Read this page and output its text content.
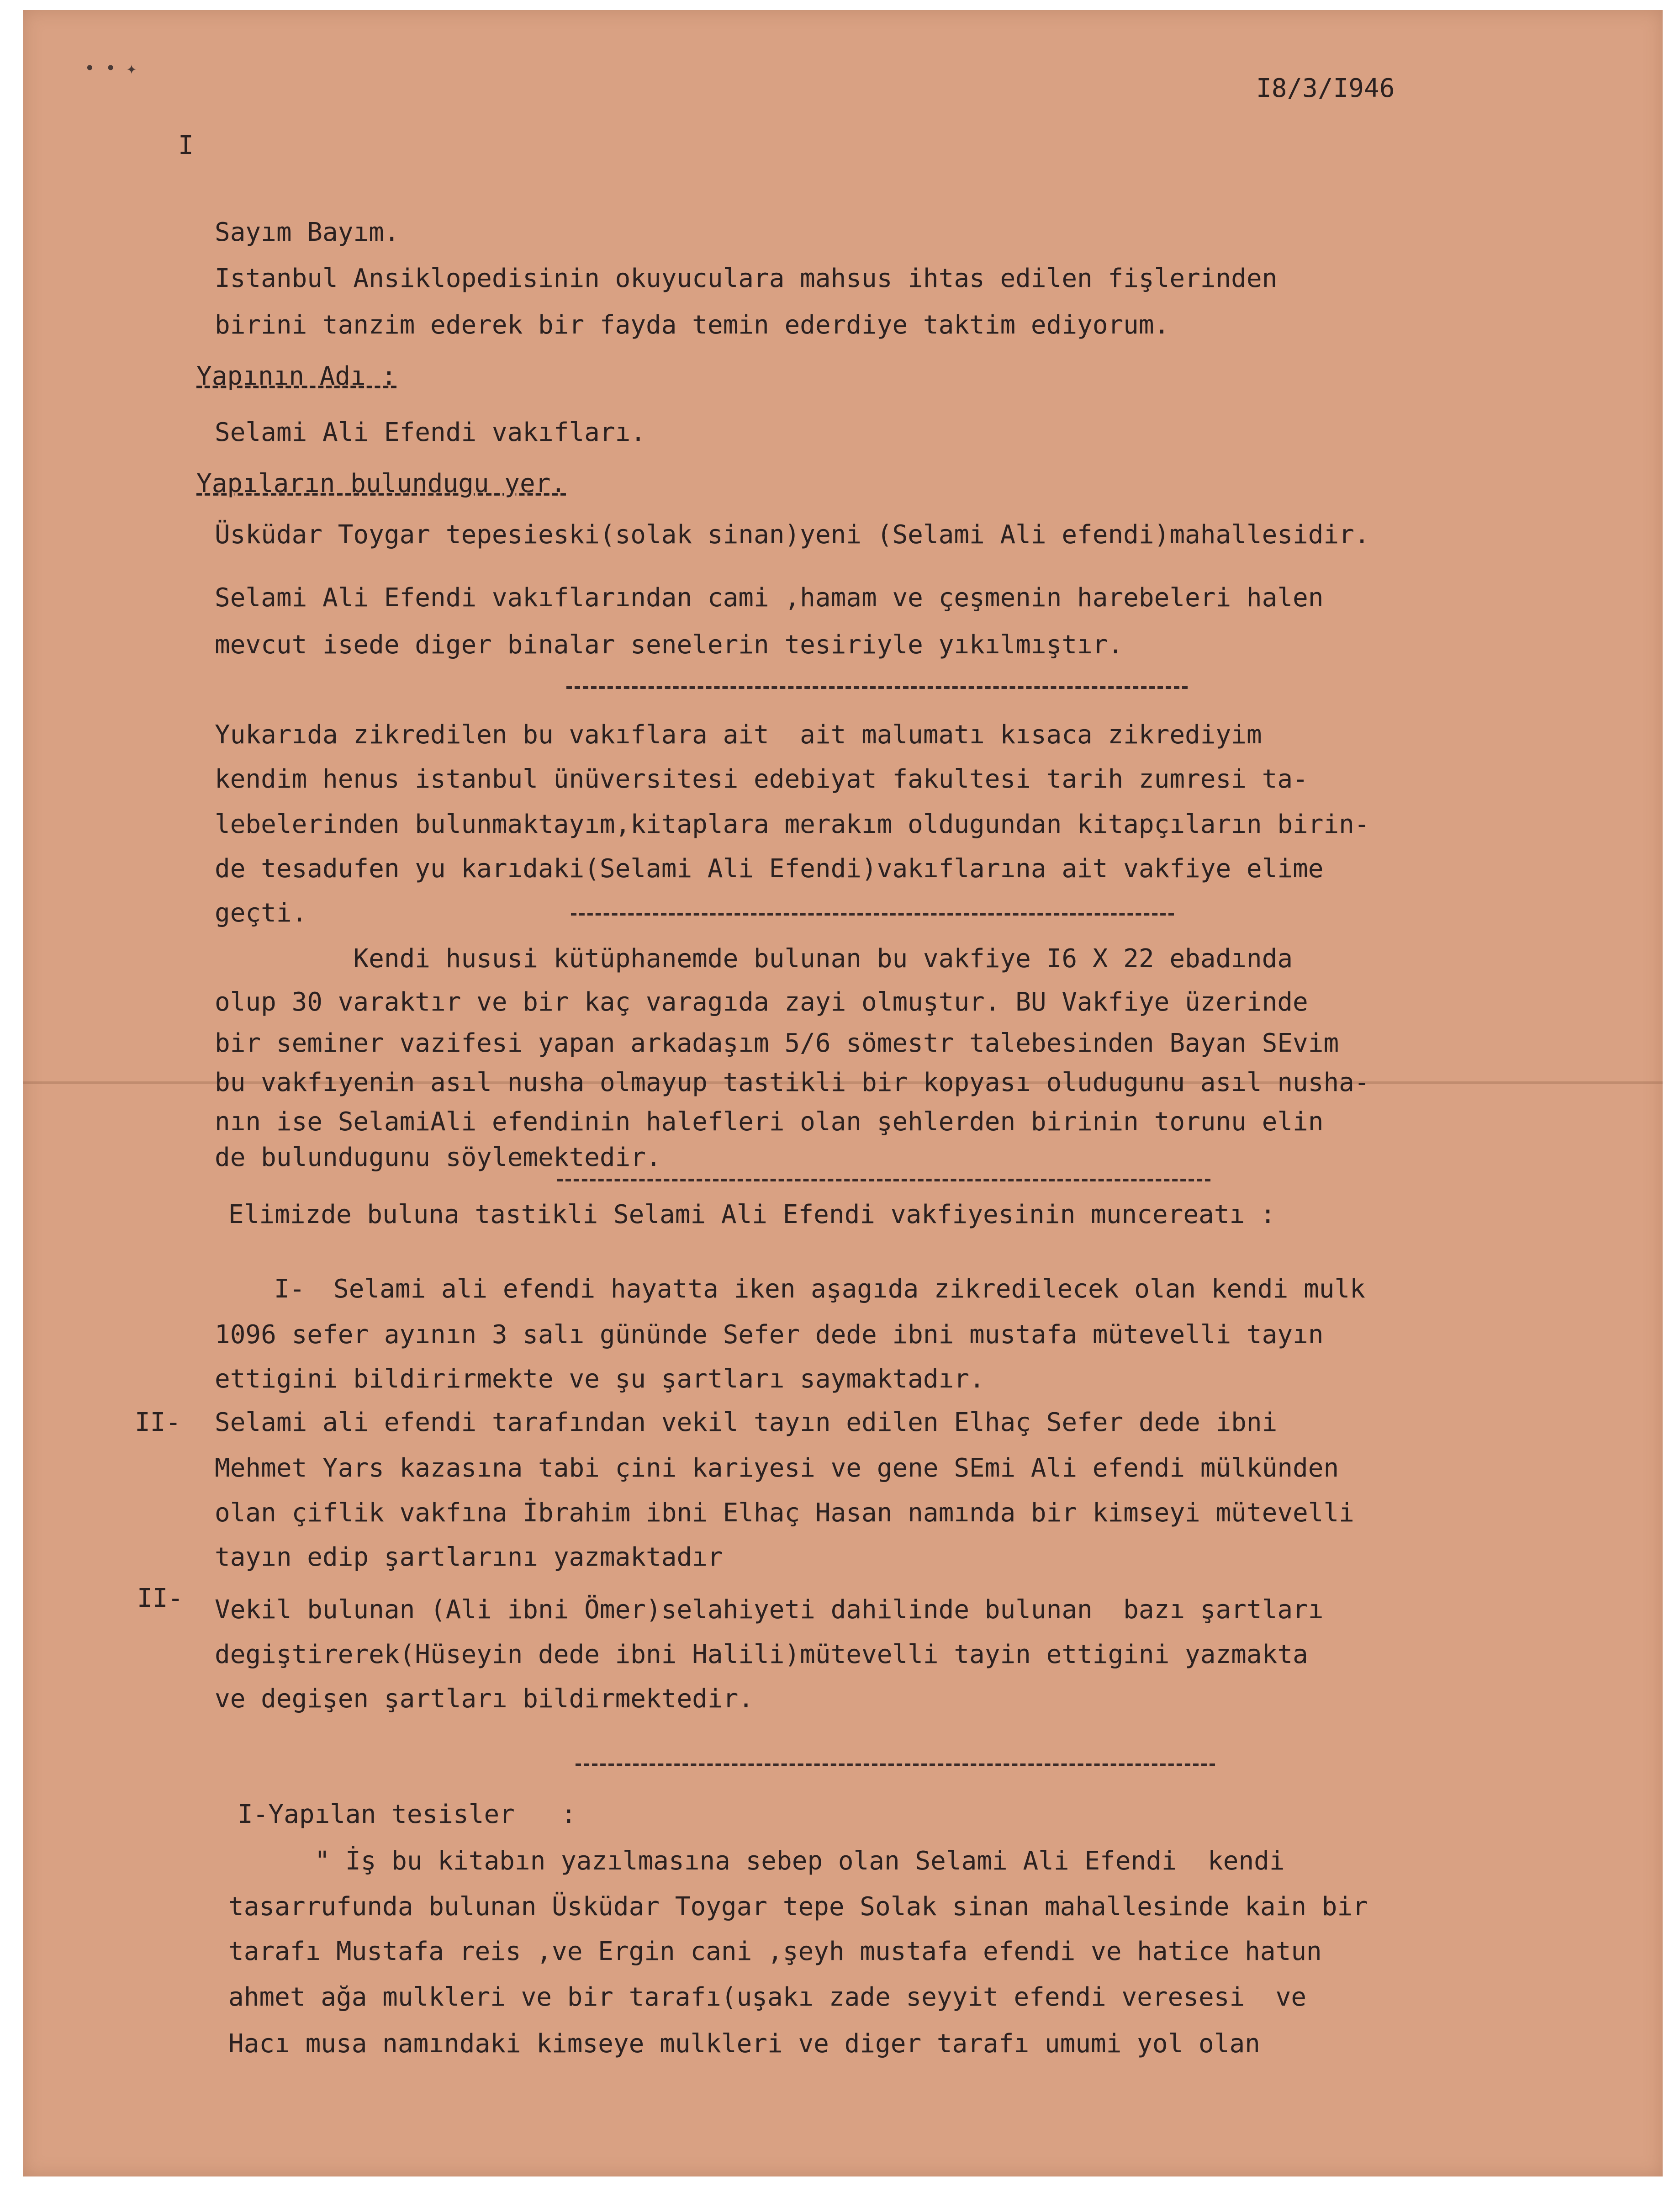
• • ✦

I8/3/I946

I

Sayım Bayım.

Istanbul Ansiklopedisinin okuyuculara mahsus ihtas edilen fişlerinden

birini tanzim ederek bir fayda temin ederdiye taktim ediyorum.

Yapının Adı :

Selami Ali Efendi vakıfları.

Yapıların bulundugu yer.

Üsküdar Toygar tepesieski(solak sinan)yeni (Selami Ali efendi)mahallesidir.

Selami Ali Efendi vakıflarından cami ,hamam ve çeşmenin harebeleri halen

mevcut isede diger binalar senelerin tesiriyle yıkılmıştır.

Yukarıda zikredilen bu vakıflara ait  ait malumatı kısaca zikrediyim

kendim henus istanbul ünüversitesi edebiyat fakultesi tarih zumresi ta-

lebelerinden bulunmaktayım,kitaplara merakım oldugundan kitapçıların birin-

de tesadufen yu karıdaki(Selami Ali Efendi)vakıflarına ait vakfiye elime

geçti.

Kendi hususi kütüphanemde bulunan bu vakfiye I6 X 22 ebadında

olup 30 varaktır ve bir kaç varagıda zayi olmuştur. BU Vakfiye üzerinde

bir seminer vazifesi yapan arkadaşım 5/6 sömestr talebesinden Bayan SEvim

bu vakfıyenin asıl nusha olmayup tastikli bir kopyası oludugunu asıl nusha-

nın ise SelamiAli efendinin halefleri olan şehlerden birinin torunu elin

de bulundugunu söylemektedir.

Elimizde buluna tastikli Selami Ali Efendi vakfiyesinin muncereatı :

I- Selami ali efendi hayatta iken aşagıda zikredilecek olan kendi mulk

1096 sefer ayının 3 salı gününde Sefer dede ibni mustafa mütevelli tayın

ettigini bildirirmekte ve şu şartları saymaktadır.

II- Selami ali efendi tarafından vekil tayın edilen Elhaç Sefer dede ibni

Mehmet Yars kazasına tabi çini kariyesi ve gene SEmi Ali efendi mülkünden

olan çiflik vakfına İbrahim ibni Elhaç Hasan namında bir kimseyi mütevelli

tayın edip şartlarını yazmaktadır

II- Vekil bulunan (Ali ibni Ömer)selahiyeti dahilinde bulunan  bazı şartları

degiştirerek(Hüseyin dede ibni Halili)mütevelli tayin ettigini yazmakta

ve degişen şartları bildirmektedir.

I-Yapılan tesisler   :

" İş bu kitabın yazılmasına sebep olan Selami Ali Efendi  kendi

tasarrufunda bulunan Üsküdar Toygar tepe Solak sinan mahallesinde kain bir

tarafı Mustafa reis ,ve Ergin cani ,şeyh mustafa efendi ve hatice hatun

ahmet ağa mulkleri ve bir tarafı(uşakı zade seyyit efendi veresesi  ve

Hacı musa namındaki kimseye mulkleri ve diger tarafı umumi yol olan
